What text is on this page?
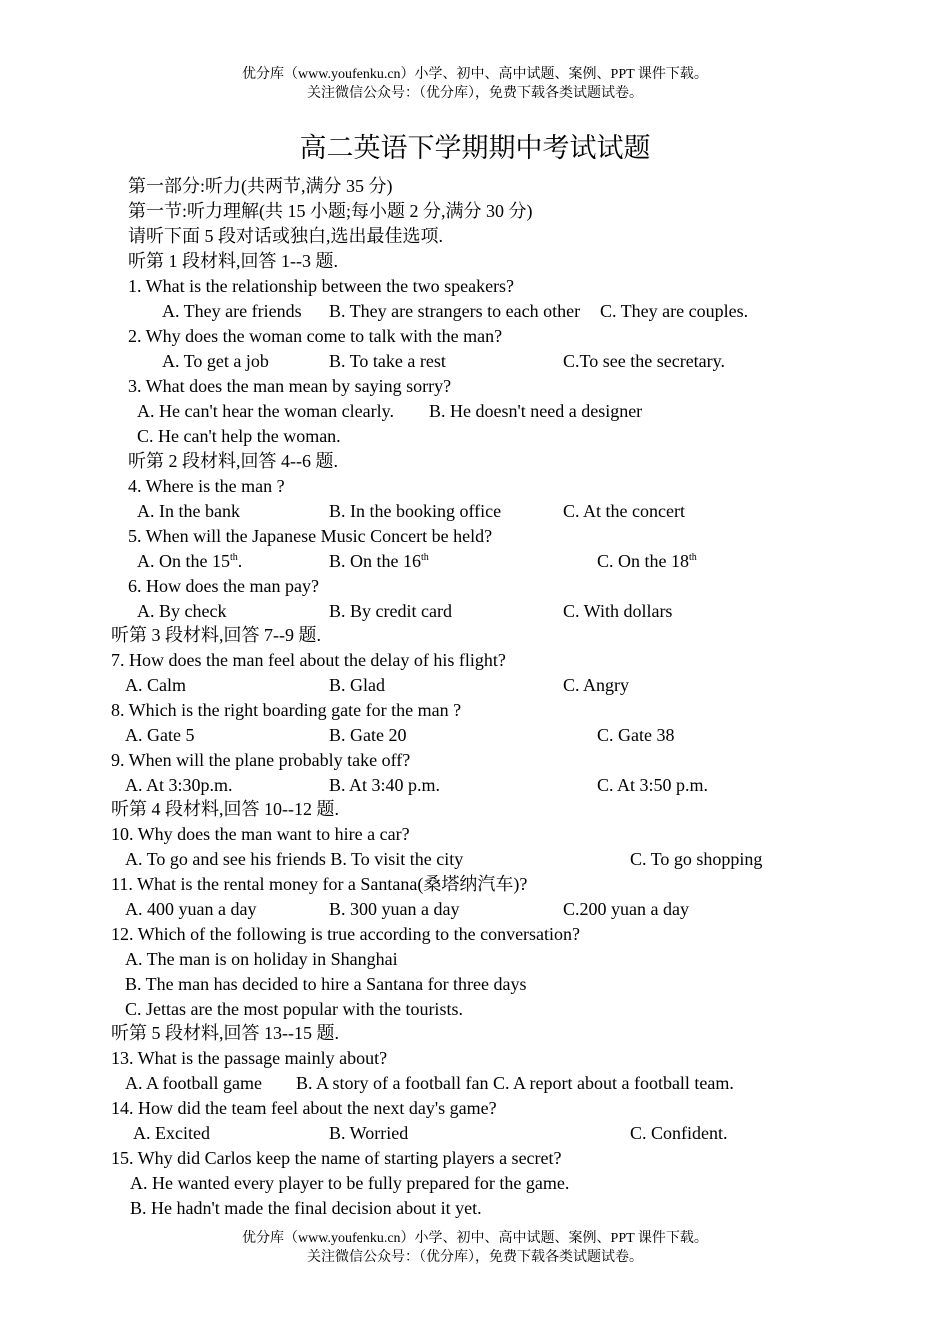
优分库（www.youfenku.cn）小学、初中、高中试题、案例、PPT 课件下载。
关注微信公众号：（优分库），免费下载各类试题试卷。
高二英语下学期期中考试试题
第一部分:听力(共两节,满分 35 分)
第一节:听力理解(共 15 小题;每小题 2 分,满分 30 分)
请听下面 5 段对话或独白,选出最佳选项.
听第 1 段材料,回答 1--3 题.
1. What is the relationship between the two speakers?
A. They are friends B. They are strangers to each other C. They are couples.
2. Why does the woman come to talk with the man?
A. To get a job	B. To take a rest	C.To see the secretary.
3. What does the man mean by saying sorry?
A. He can't hear the woman clearly. B. He doesn't need a designer
C. He can't help the woman.
听第 2 段材料,回答 4--6 题.
4. Where is the man ?
A. In the bank	B. In the booking office	C. At the concert
5. When will the Japanese Music Concert be held?
A. On the 15th.	B. On the 16th	C. On the 18th
6. How does the man pay?
A. By check	B. By credit card	C. With dollars
听第 3 段材料,回答 7--9 题.
7. How does the man feel about the delay of his flight?
A. Calm	B. Glad	C. Angry
8. Which is the right boarding gate for the man ?
A. Gate 5	B. Gate 20	C. Gate 38
9. When will the plane probably take off?
A. At 3:30p.m.	B. At 3:40 p.m.	C. At 3:50 p.m.
听第 4 段材料,回答 10--12 题.
10. Why does the man want to hire a car?
A. To go and see his friends B. To visit the city	C. To go shopping
11. What is the rental money for a Santana(桑塔纳汽车)?
A. 400 yuan a day	B. 300 yuan a day	C.200 yuan a day
12. Which of the following is true according to the conversation?
A. The man is on holiday in Shanghai
B. The man has decided to hire a Santana for three days
C. Jettas are the most popular with the tourists.
听第 5 段材料,回答 13--15 题.
13. What is the passage mainly about?
A. A football game B. A story of a football fan C. A report about a football team.
14. How did the team feel about the next day's game?
A. Excited	B. Worried	C. Confident.
15. Why did Carlos keep the name of starting players a secret?
A. He wanted every player to be fully prepared for the game.
B. He hadn't made the final decision about it yet.
优分库（www.youfenku.cn）小学、初中、高中试题、案例、PPT 课件下载。
关注微信公众号：（优分库），免费下载各类试题试卷。
